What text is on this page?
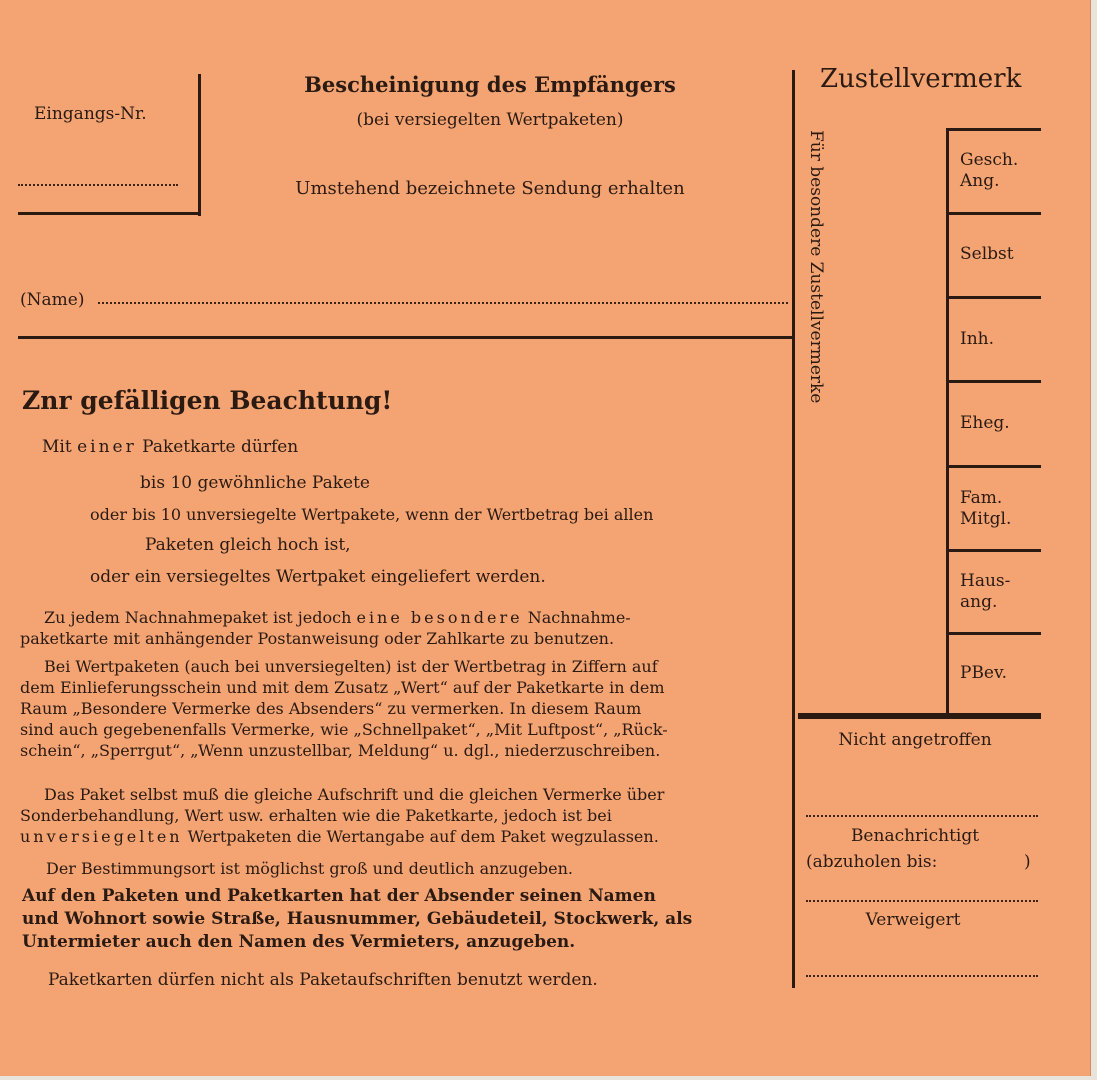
Eingangs-Nr.
Bescheinigung des Empfängers
(bei versiegelten Wertpaketen)
Umstehend bezeichnete Sendung erhalten
(Name)
Znr gefälligen Beachtung!
Mit einer Paketkarte dürfen
bis 10 gewöhnliche Pakete
oder bis 10 unversiegelte Wertpakete, wenn der Wertbetrag bei allen
Paketen gleich hoch ist,
oder ein versiegeltes Wertpaket eingeliefert werden.
Zu jedem Nachnahmepaket ist jedoch eine besondere Nachnahme-
paketkarte mit anhängender Postanweisung oder Zahlkarte zu benutzen.
Bei Wertpaketen (auch bei unversiegelten) ist der Wertbetrag in Ziffern auf
dem Einlieferungsschein und mit dem Zusatz „Wert“ auf der Paketkarte in dem
Raum „Besondere Vermerke des Absenders“ zu vermerken. In diesem Raum
sind auch gegebenenfalls Vermerke, wie „Schnellpaket“, „Mit Luftpost“, „Rück-
schein“, „Sperrgut“, „Wenn unzustellbar, Meldung“ u. dgl., niederzuschreiben.
Das Paket selbst muß die gleiche Aufschrift und die gleichen Vermerke über
Sonderbehandlung, Wert usw. erhalten wie die Paketkarte, jedoch ist bei
unversiegelten Wertpaketen die Wertangabe auf dem Paket wegzulassen.
Der Bestimmungsort ist möglichst groß und deutlich anzugeben.
Auf den Paketen und Paketkarten hat der Absender seinen Namen
und Wohnort sowie Straße, Hausnummer, Gebäudeteil, Stockwerk, als
Untermieter auch den Namen des Vermieters, anzugeben.
Paketkarten dürfen nicht als Paketaufschriften benutzt werden.
Zustellvermerk
Für besondere Zustellvermerke	Gesch.
Ang.
Selbst
Inh.
Eheg.
Fam.
Mitgl.
Haus-
ang.
PBev.
Nicht angetroffen
Benachrichtigt
(abzuholen bis:	)
Verweigert
